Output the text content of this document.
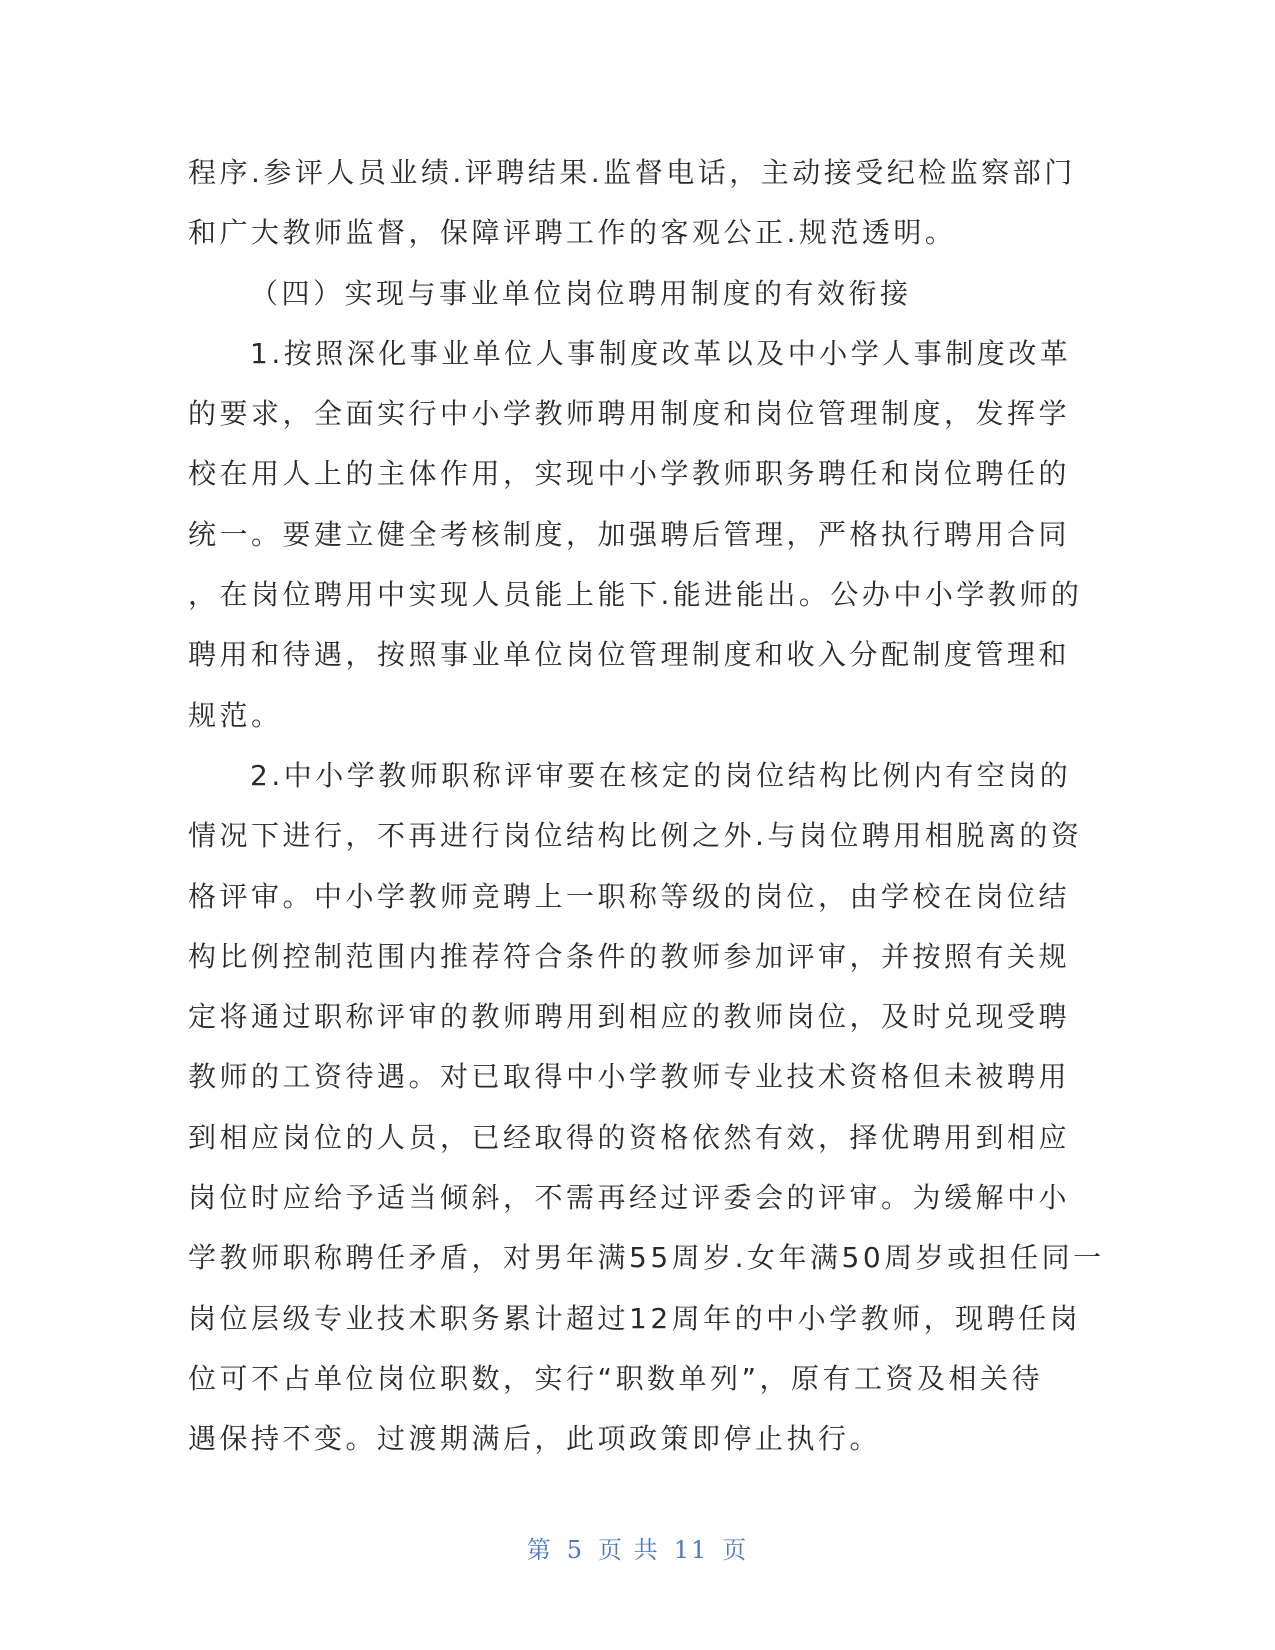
程序.参评人员业绩.评聘结果.监督电话，主动接受纪检监察部门
和广大教师监督，保障评聘工作的客观公正.规范透明。
（四）实现与事业单位岗位聘用制度的有效衔接
1.按照深化事业单位人事制度改革以及中小学人事制度改革
的要求，全面实行中小学教师聘用制度和岗位管理制度，发挥学
校在用人上的主体作用，实现中小学教师职务聘任和岗位聘任的
统一。要建立健全考核制度，加强聘后管理，严格执行聘用合同
，在岗位聘用中实现人员能上能下.能进能出。公办中小学教师的
聘用和待遇，按照事业单位岗位管理制度和收入分配制度管理和
规范。
2.中小学教师职称评审要在核定的岗位结构比例内有空岗的
情况下进行，不再进行岗位结构比例之外.与岗位聘用相脱离的资
格评审。中小学教师竞聘上一职称等级的岗位，由学校在岗位结
构比例控制范围内推荐符合条件的教师参加评审，并按照有关规
定将通过职称评审的教师聘用到相应的教师岗位，及时兑现受聘
教师的工资待遇。对已取得中小学教师专业技术资格但未被聘用
到相应岗位的人员，已经取得的资格依然有效，择优聘用到相应
岗位时应给予适当倾斜，不需再经过评委会的评审。为缓解中小
学教师职称聘任矛盾，对男年满55周岁.女年满50周岁或担任同一
岗位层级专业技术职务累计超过12周年的中小学教师，现聘任岗
位可不占单位岗位职数，实行“职数单列”，原有工资及相关待
遇保持不变。过渡期满后，此项政策即停止执行。
第 5 页 共 11 页
